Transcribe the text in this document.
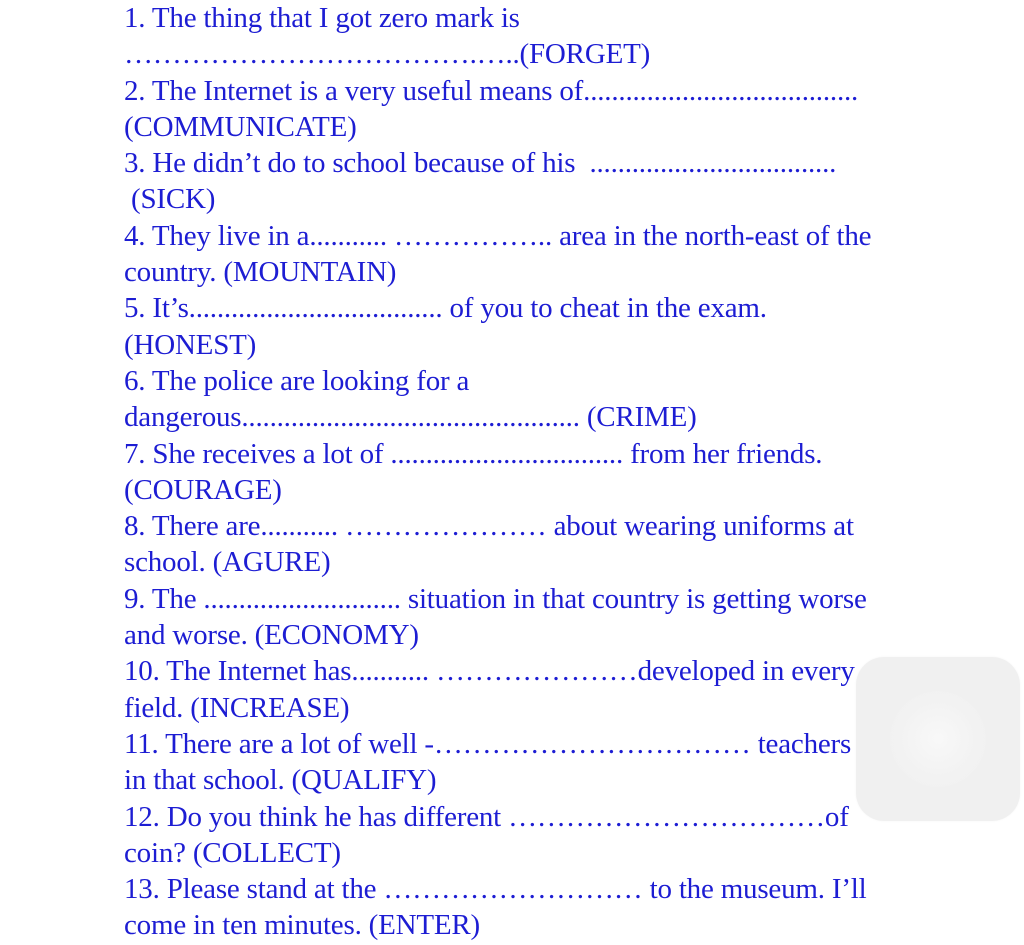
1. The thing that I got zero mark is
……………………………….…..(FORGET)
2. The Internet is a very useful means of.......................................
(COMMUNICATE)
3. He didn’t do to school because of his  ...................................
(SICK)
4. They live in a........... …………….. area in the north-east of the
country. (MOUNTAIN)
5. It’s.................................... of you to cheat in the exam.
(HONEST)
6. The police are looking for a
dangerous................................................ (CRIME)
7. She receives a lot of ................................. from her friends.
(COURAGE)
8. There are........... ………………… about wearing uniforms at
school. (AGURE)
9. The ............................ situation in that country is getting worse
and worse. (ECONOMY)
10. The Internet has........... …………………developed in every
field. (INCREASE)
11. There are a lot of well -…………………………… teachers
in that school. (QUALIFY)
12. Do you think he has different ……………………………of
coin? (COLLECT)
13. Please stand at the ……………………… to the museum. I’ll
come in ten minutes. (ENTER)
